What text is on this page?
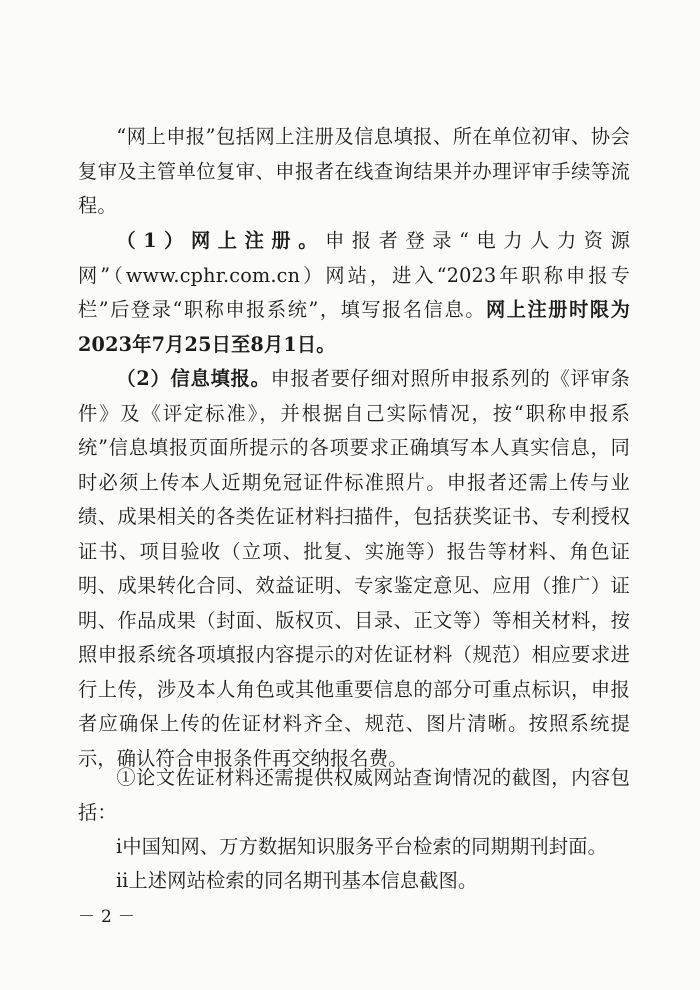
“网上申报”包括网上注册及信息填报、所在单位初审、协会复审及主管单位复审、申报者在线查询结果并办理评审手续等流程。

（1）网上注册。申报者登录“电力人力资源网”（www.cphr.com.cn）网站，进入“2023年职称申报专栏”后登录“职称申报系统”，填写报名信息。网上注册时限为2023年7月25日至8月1日。

（2）信息填报。申报者要仔细对照所申报系列的《评审条件》及《评定标准》，并根据自己实际情况，按“职称申报系统”信息填报页面所提示的各项要求正确填写本人真实信息，同时必须上传本人近期免冠证件标准照片。申报者还需上传与业绩、成果相关的各类佐证材料扫描件，包括获奖证书、专利授权证书、项目验收（立项、批复、实施等）报告等材料、角色证明、成果转化合同、效益证明、专家鉴定意见、应用（推广）证明、作品成果（封面、版权页、目录、正文等）等相关材料，按照申报系统各项填报内容提示的对佐证材料（规范）相应要求进行上传，涉及本人角色或其他重要信息的部分可重点标识，申报者应确保上传的佐证材料齐全、规范、图片清晰。按照系统提示，确认符合申报条件再交纳报名费。

①论文佐证材料还需提供权威网站查询情况的截图，内容包括：

ⅰ中国知网、万方数据知识服务平台检索的同期期刊封面。

ⅱ上述网站检索的同名期刊基本信息截图。

－2－
